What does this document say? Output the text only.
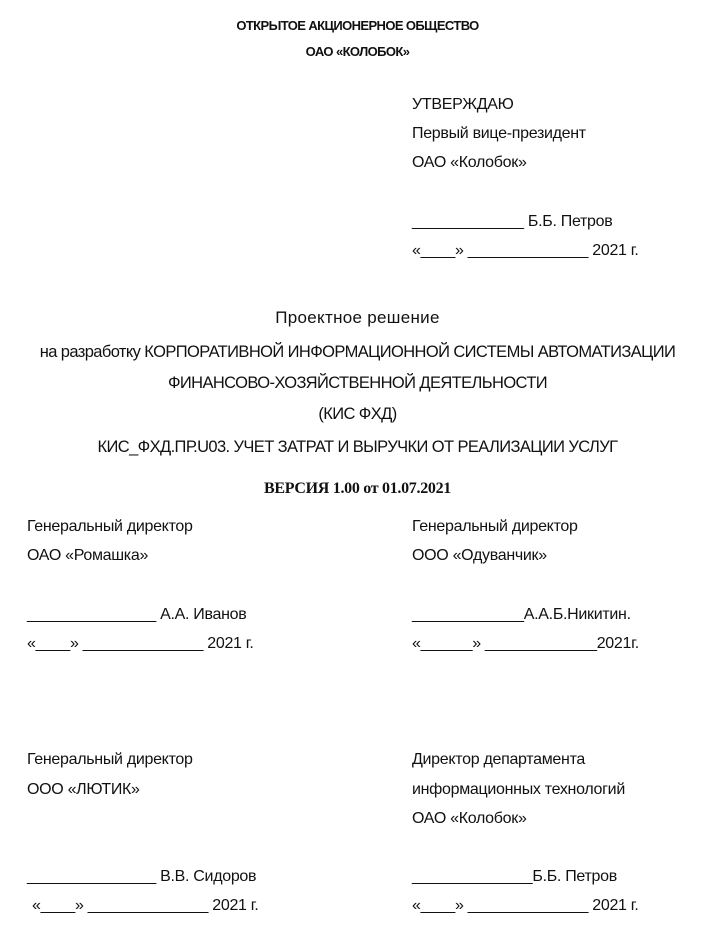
ОТКРЫТОЕ АКЦИОНЕРНОЕ ОБЩЕСТВО
ОАО «КОЛОБОК»
УТВЕРЖДАЮ
Первый вице-президент
ОАО «Колобок»
_____________ Б.Б. Петров
«____» ______________ 2021 г.
Проектное решение
на разработку КОРПОРАТИВНОЙ ИНФОРМАЦИОННОЙ СИСТЕМЫ АВТОМАТИЗАЦИИ
ФИНАНСОВО-ХОЗЯЙСТВЕННОЙ ДЕЯТЕЛЬНОСТИ
(КИС ФХД)
КИС_ФХД.ПР.U03. УЧЕТ ЗАТРАТ И ВЫРУЧКИ ОТ РЕАЛИЗАЦИИ УСЛУГ
ВЕРСИЯ 1.00 от 01.07.2021
Генеральный директор
ОАО «Ромашка»
_______________ А.А. Иванов
«____» ______________ 2021 г.
Генеральный директор
ООО «Одуванчик»
_____________А.А.Б.Никитин.
«______» _____________2021г.
Генеральный директор
ООО «ЛЮТИК»
_______________ В.В. Сидоров
«____» ______________ 2021 г.
Директор департамента
информационных технологий
ОАО «Колобок»
______________Б.Б. Петров
«____» ______________ 2021 г.
